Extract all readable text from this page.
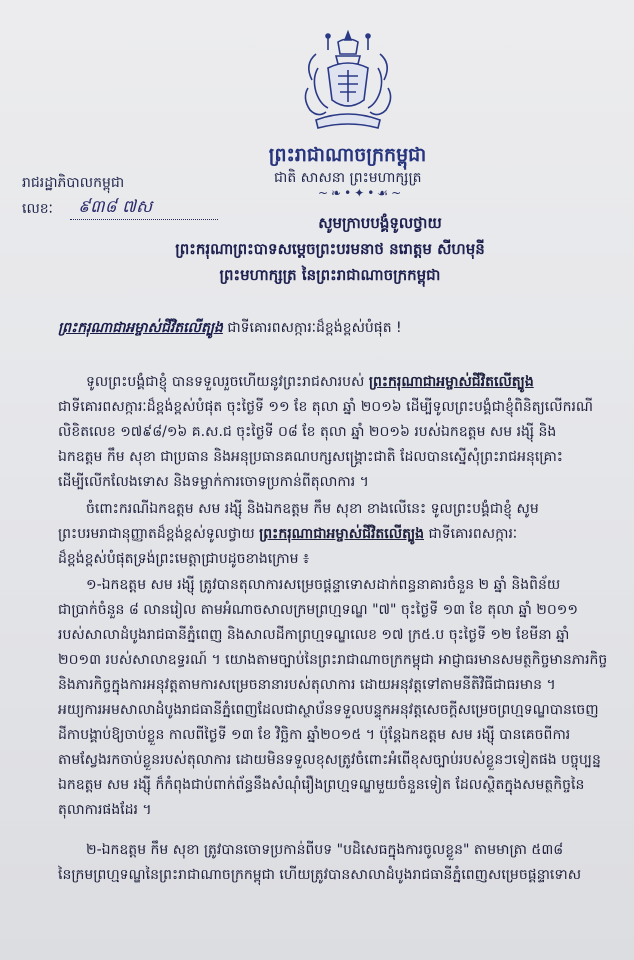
ព្រះរាជាណាចក្រកម្ពុជា
ជាតិ សាសនា ព្រះមហាក្សត្រ
~❧•✦•☙~
រាជរដ្ឋាភិបាលកម្ពុជា
លេខៈ ៩៣៨ ៧ស
សូមក្រាបបង្គំទូលថ្វាយ
ព្រះករុណាព្រះបាទសម្តេចព្រះបរមនាថ នរោត្តម សីហមុនី
ព្រះមហាក្សត្រ នៃព្រះរាជាណាចក្រកម្ពុជា
ព្រះករុណាជាអម្ចាស់ជីវិតលើត្បូង ជាទីគោរពសក្ការៈដ៏ខ្ពង់ខ្ពស់បំផុត !
ទូលព្រះបង្គំជាខ្ញុំ បានទទួលរួចហើយនូវព្រះរាជសារបស់ ព្រះករុណាជាអម្ចាស់ជីវិតលើត្បូង
ជាទីគោរពសក្ការៈដ៏ខ្ពង់ខ្ពស់បំផុត ចុះថ្ងៃទី ១១ ខែ តុលា ឆ្នាំ ២០១៦ ដើម្បីទូលព្រះបង្គំជាខ្ញុំពិនិត្យលើករណី
លិខិតលេខ ១៧៩៨/១៦ គ.ស.ជ ចុះថ្ងៃទី ០៨ ខែ តុលា ឆ្នាំ ២០១៦ របស់ឯកឧត្តម សម រង្ស៊ី និង
ឯកឧត្តម កឹម សុខា ជាប្រធាន និងអនុប្រធានគណបក្សសង្គ្រោះជាតិ ដែលបានស្នើសុំព្រះរាជអនុគ្រោះ
ដើម្បីលើកលែងទោស និងទម្លាក់ការចោទប្រកាន់ពីតុលាការ ។
ចំពោះករណីឯកឧត្តម សម រង្ស៊ី និងឯកឧត្តម កឹម សុខា ខាងលើនេះ ទូលព្រះបង្គំជាខ្ញុំ សូម
ព្រះបរមរាជានុញ្ញាតដ៏ខ្ពង់ខ្ពស់ទូលថ្វាយ ព្រះករុណាជាអម្ចាស់ជីវិតលើត្បូង ជាទីគោរពសក្ការៈ
ដ៏ខ្ពង់ខ្ពស់បំផុតទ្រង់ព្រះមេត្តាជ្រាបដូចខាងក្រោម ៖
១-ឯកឧត្តម សម រង្ស៊ី ត្រូវបានតុលាការសម្រេចផ្តន្ទាទោសដាក់ពន្ធនាគារចំនួន ២ ឆ្នាំ និងពិន័យ
ជាប្រាក់ចំនួន ៨ លានរៀល តាមអំណាចសាលក្រមព្រហ្មទណ្ឌ "៧" ចុះថ្ងៃទី ១៣ ខែ តុលា ឆ្នាំ ២០១១
របស់សាលាដំបូងរាជធានីភ្នំពេញ និងសាលដីកាព្រហ្មទណ្ឌលេខ ១៧ ក្រ៥.ប ចុះថ្ងៃទី ១២ ខែមីនា ឆ្នាំ
២០១៣ របស់សាលាឧទ្ធរណ៍ ។ យោងតាមច្បាប់នៃព្រះរាជាណាចក្រកម្ពុជា អាជ្ញាធរមានសមត្ថកិច្ចមានភារកិច្ច
និងភារកិច្ចក្នុងការអនុវត្តតាមការសម្រេចនានារបស់តុលាការ ដោយអនុវត្តទៅតាមនីតិវិធីជាធរមាន ។
អយ្យការអមសាលាដំបូងរាជធានីភ្នំពេញដែលជាស្ថាប័នទទួលបន្ទុកអនុវត្តសេចក្តីសម្រេចព្រហ្មទណ្ឌបានចេញ
ដីកាបង្គាប់ឱ្យចាប់ខ្លួន កាលពីថ្ងៃទី ១៣ ខែ វិច្ឆិកា ឆ្នាំ២០១៥ ។ ប៉ុន្តែឯកឧត្តម សម រង្ស៊ី បានគេចពីការ
តាមស្វែងរកចាប់ខ្លួនរបស់តុលាការ ដោយមិនទទួលខុសត្រូវចំពោះអំពើខុសច្បាប់របស់ខ្លួនៗទៀតផង បច្ចុប្បន្ន
ឯកឧត្តម សម រង្ស៊ី ក៏កំពុងជាប់ពាក់ព័ន្ធនឹងសំណុំរឿងព្រហ្មទណ្ឌមួយចំនួនទៀត ដែលស្ថិតក្នុងសមត្ថកិច្ចនៃ
តុលាការផងដែរ ។
២-ឯកឧត្តម កឹម សុខា ត្រូវបានចោទប្រកាន់ពីបទ "បដិសេធក្នុងការចូលខ្លួន" តាមមាត្រា ៥៣៨
នៃក្រមព្រហ្មទណ្ឌនៃព្រះរាជាណាចក្រកម្ពុជា ហើយត្រូវបានសាលាដំបូងរាជធានីភ្នំពេញសម្រេចផ្តន្ទាទោស
